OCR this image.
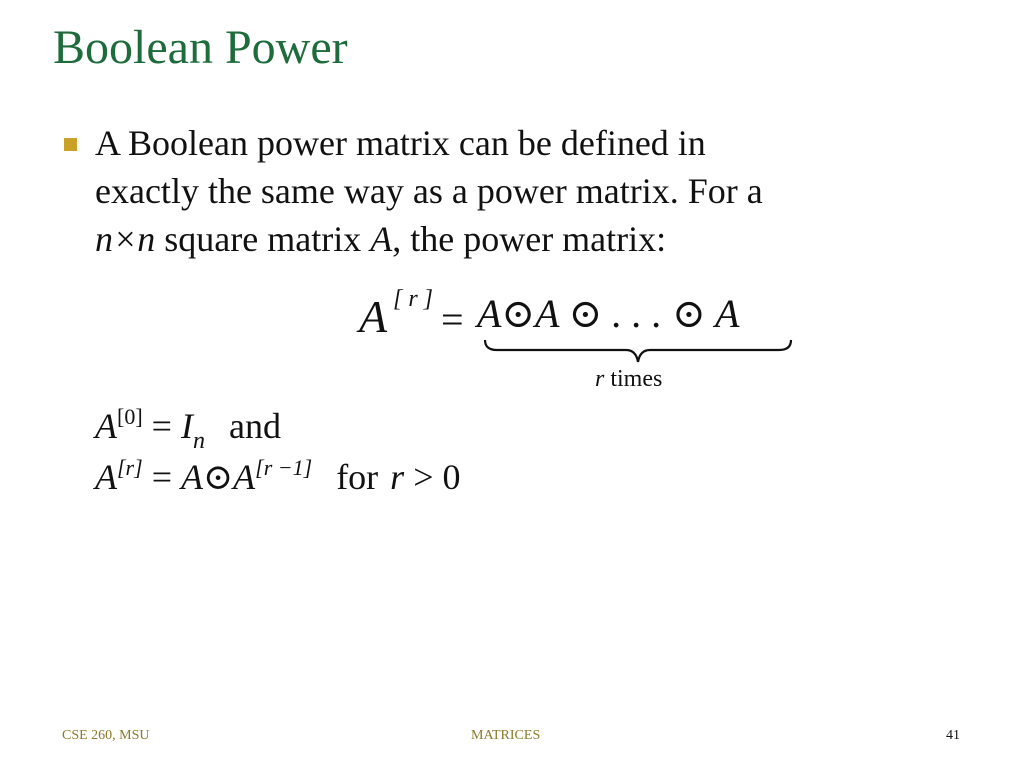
Boolean Power
A Boolean power matrix can be defined in
exactly the same way as a power matrix. For a
n×n square matrix A, the power matrix:
A [ r ] = A⊙A ⊙ . . . ⊙ A
r times
$A[0] = I_n$ and
A[r] = A⊙A[r −1] for r > 0
CSE 260, MSU	MATRICES	41
